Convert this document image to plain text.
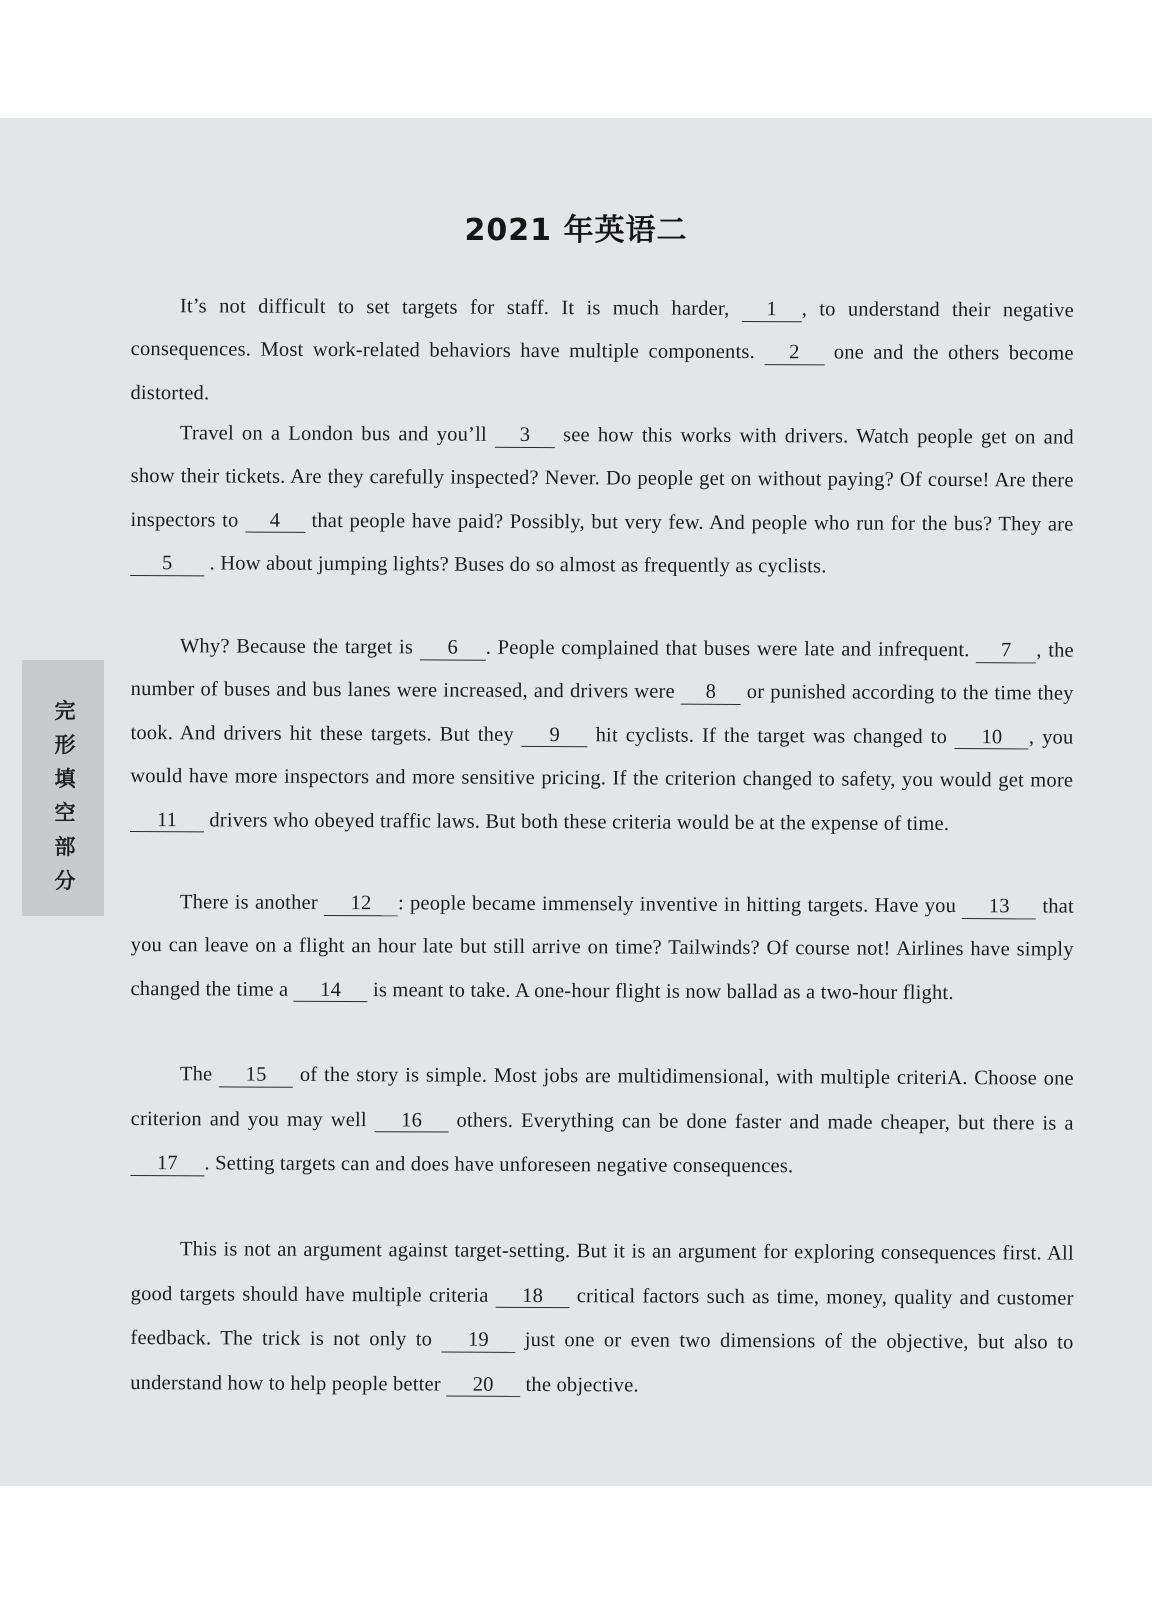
完
形
填
空
部
分
2021 年英语二
It’s not difficult to set targets for staff. It is much harder, 1 , to understand their negative consequences. Most work-related behaviors have multiple components. 2 one and the others become distorted.
Travel on a London bus and you’ll 3 see how this works with drivers. Watch people get on and show their tickets. Are they carefully inspected? Never. Do people get on without paying? Of course! Are there inspectors to 4 that people have paid? Possibly, but very few. And people who run for the bus? They are 5 . How about jumping lights? Buses do so almost as frequently as cyclists.
Why? Because the target is 6 . People complained that buses were late and infrequent. 7 , the number of buses and bus lanes were increased, and drivers were 8 or punished according to the time they took. And drivers hit these targets. But they 9 hit cyclists. If the target was changed to 10 , you would have more inspectors and more sensitive pricing. If the criterion changed to safety, you would get more 11 drivers who obeyed traffic laws. But both these criteria would be at the expense of time.
There is another 12 : people became immensely inventive in hitting targets. Have you 13 that you can leave on a flight an hour late but still arrive on time? Tailwinds? Of course not! Airlines have simply changed the time a 14 is meant to take. A one-hour flight is now ballad as a two-hour flight.
The 15 of the story is simple. Most jobs are multidimensional, with multiple criteriA. Choose one criterion and you may well 16 others. Everything can be done faster and made cheaper, but there is a 17 . Setting targets can and does have unforeseen negative consequences.
This is not an argument against target-setting. But it is an argument for exploring consequences first. All good targets should have multiple criteria 18 critical factors such as time, money, quality and customer feedback. The trick is not only to 19 just one or even two dimensions of the objective, but also to understand how to help people better 20 the objective.
